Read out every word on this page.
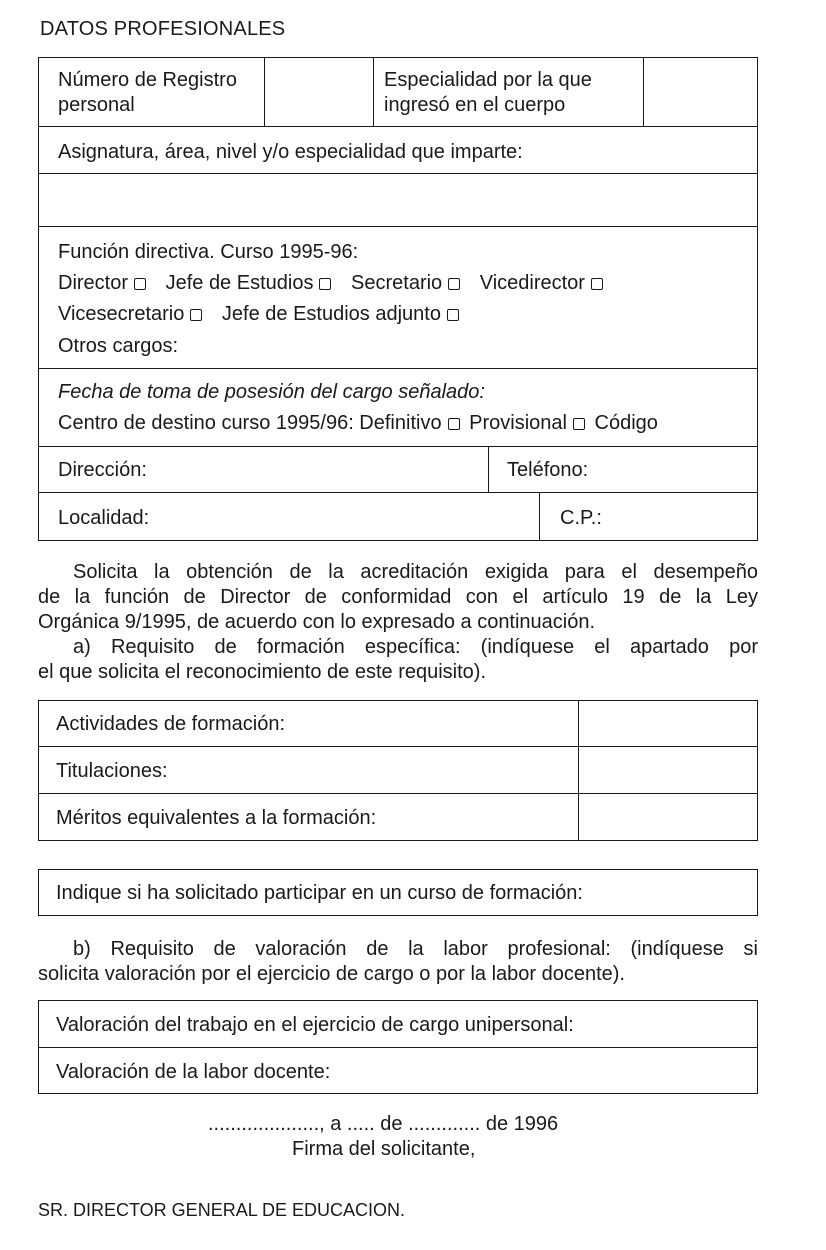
DATOS PROFESIONALES
Número de Registro
personal
Especialidad por la que
ingresó en el cuerpo
Asignatura, área, nivel y/o especialidad que imparte:
Función directiva. Curso 1995-96:
Director Jefe de Estudios Secretario Vicedirector
Vicesecretario Jefe de Estudios adjunto
Otros cargos:
Fecha de toma de posesión del cargo señalado:
Centro de destino curso 1995/96: Definitivo Provisional Código
Dirección:	Teléfono:
Localidad:	C.P.:
Solicita la obtención de la acreditación exigida para el desempeño
de la función de Director de conformidad con el artículo 19 de la Ley
Orgánica 9/1995, de acuerdo con lo expresado a continuación.
a) Requisito de formación específica: (indíquese el apartado por
el que solicita el reconocimiento de este requisito).
Actividades de formación:
Titulaciones:
Méritos equivalentes a la formación:
Indique si ha solicitado participar en un curso de formación:
b) Requisito de valoración de la labor profesional: (indíquese si
solicita valoración por el ejercicio de cargo o por la labor docente).
Valoración del trabajo en el ejercicio de cargo unipersonal:
Valoración de la labor docente:
...................., a ..... de ............. de 1996
Firma del solicitante,
SR. DIRECTOR GENERAL DE EDUCACION.
